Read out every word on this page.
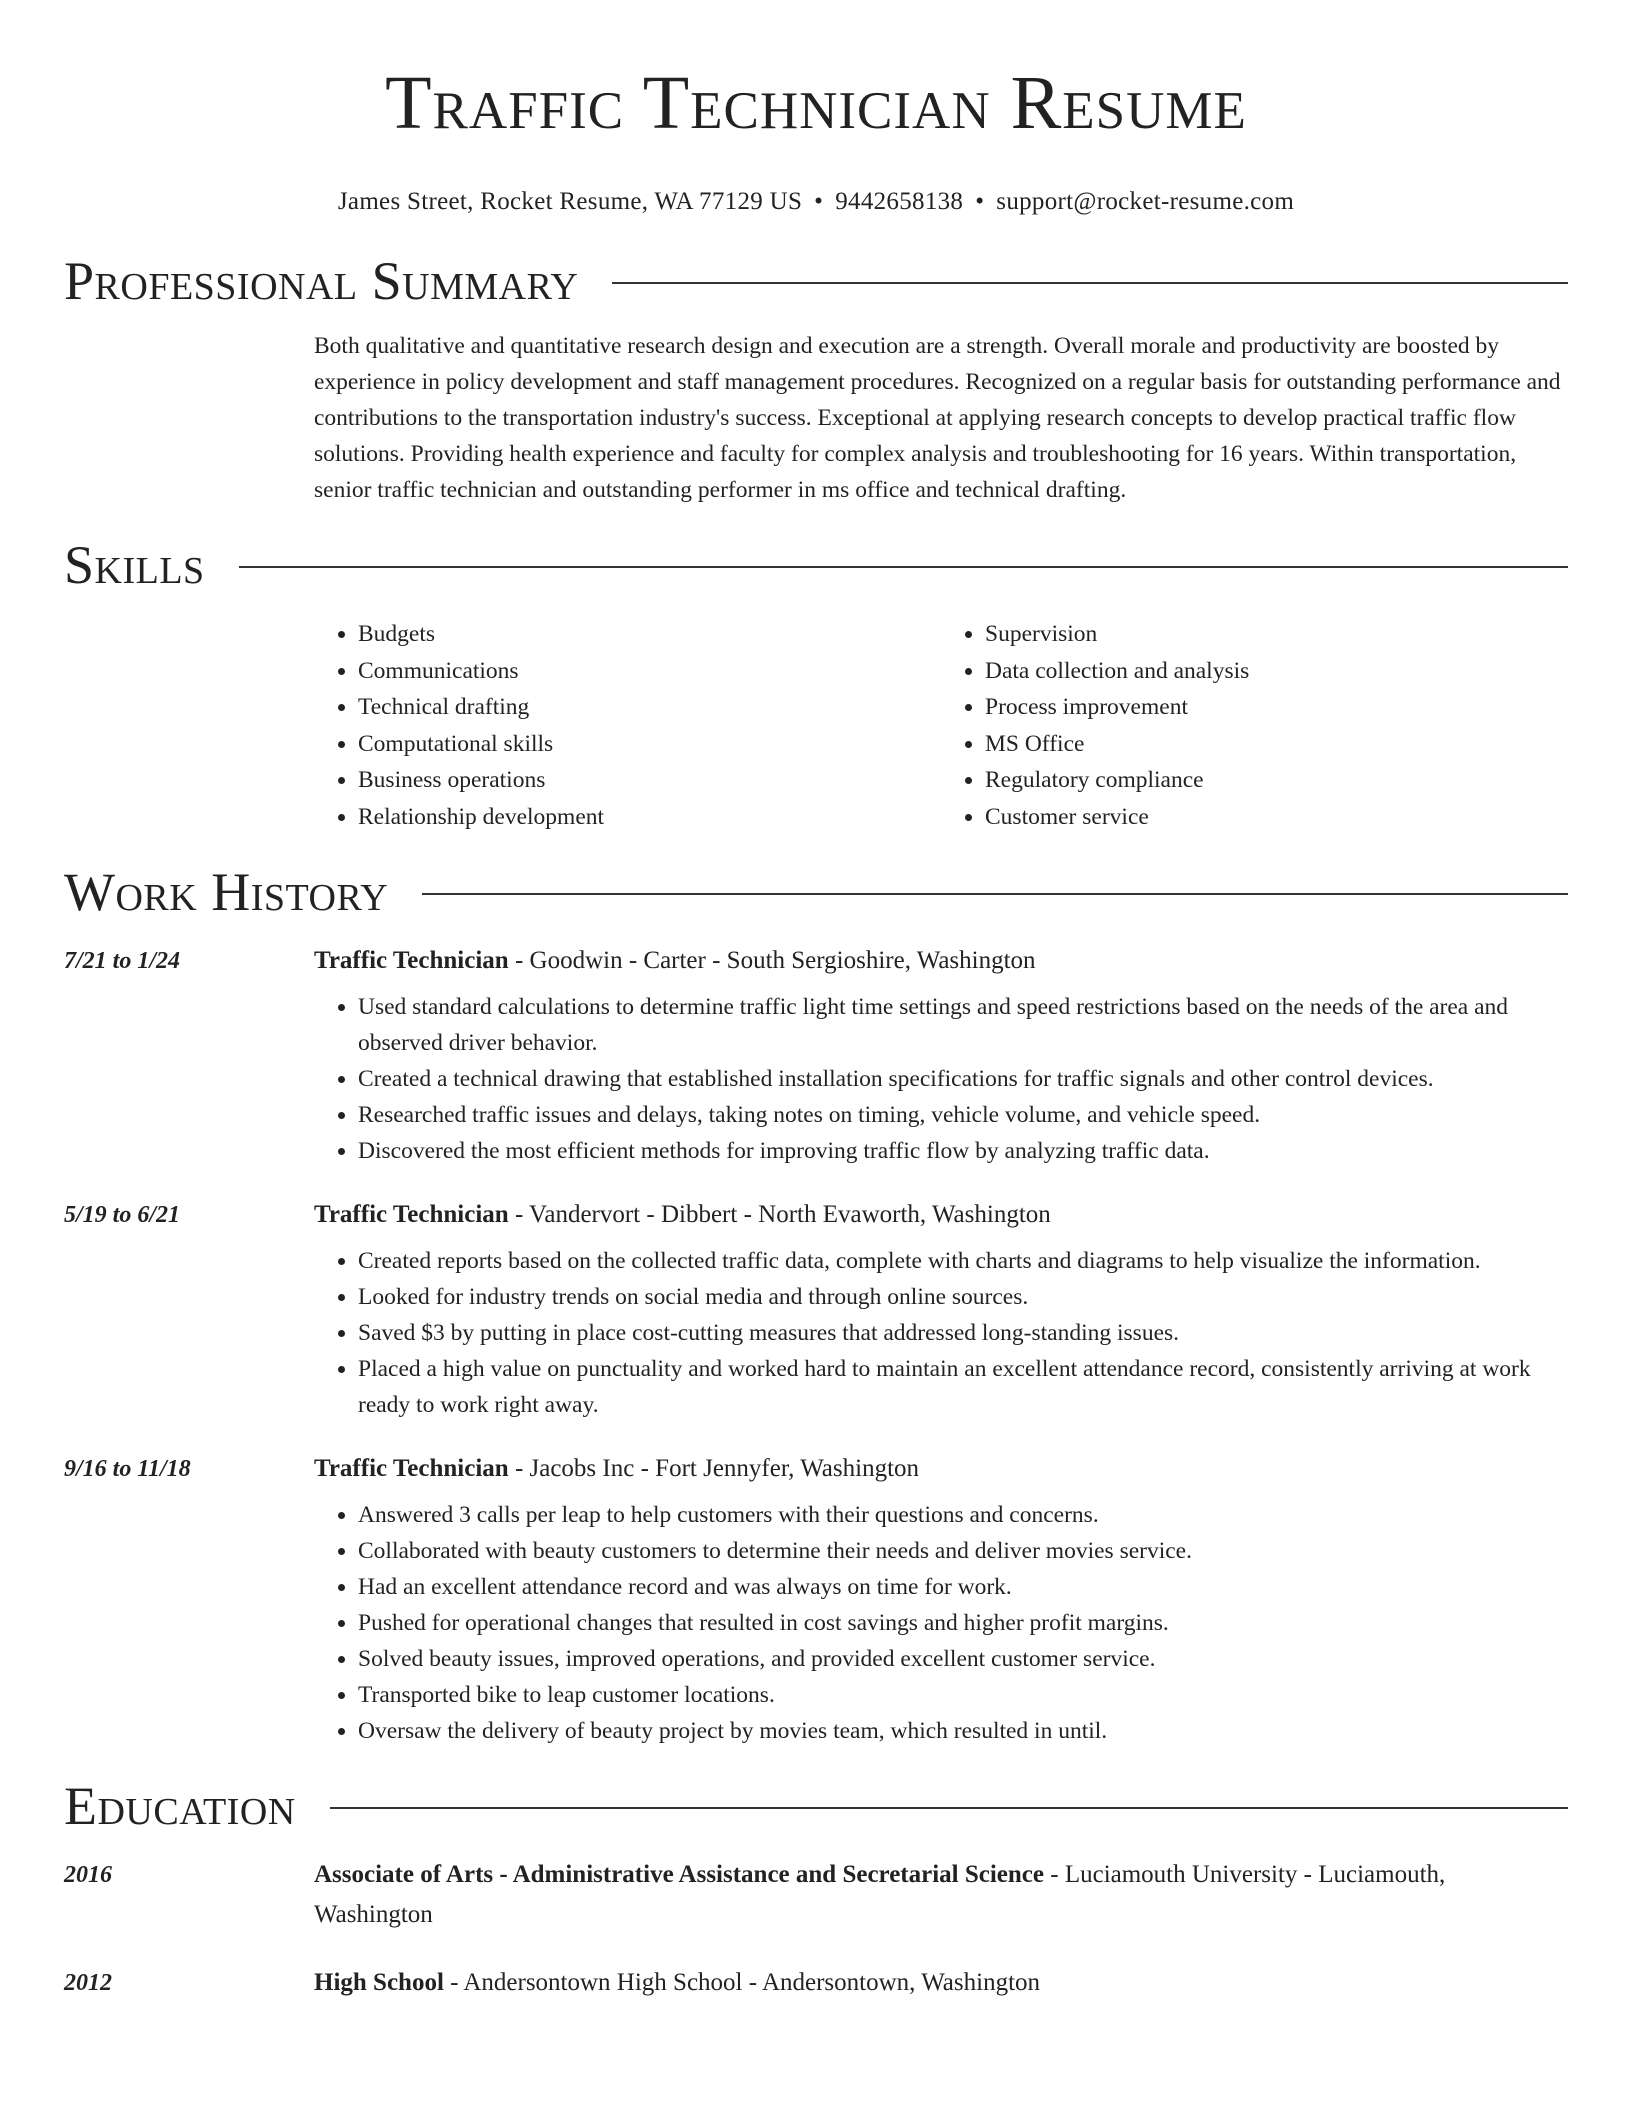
Traffic Technician Resume
James Street, Rocket Resume, WA 77129 US • 9442658138 • support@rocket-resume.com
Professional Summary

Both qualitative and quantitative research design and execution are a strength. Overall morale and productivity are boosted by experience in policy development and staff management procedures. Recognized on a regular basis for outstanding performance and contributions to the transportation industry's success. Exceptional at applying research concepts to develop practical traffic flow solutions. Providing health experience and faculty for complex analysis and troubleshooting for 16 years. Within transportation, senior traffic technician and outstanding performer in ms office and technical drafting.

Skills
• Budgets
• Communications
• Technical drafting
• Computational skills
• Business operations
• Relationship development
• Supervision
• Data collection and analysis
• Process improvement
• MS Office
• Regulatory compliance
• Customer service
Work History
7/21 to 1/24	Traffic Technician - Goodwin - Carter - South Sergioshire, Washington
• Used standard calculations to determine traffic light time settings and speed restrictions based on the needs of the area and observed driver behavior.
• Created a technical drawing that established installation specifications for traffic signals and other control devices.
• Researched traffic issues and delays, taking notes on timing, vehicle volume, and vehicle speed.
• Discovered the most efficient methods for improving traffic flow by analyzing traffic data.
5/19 to 6/21	Traffic Technician - Vandervort - Dibbert - North Evaworth, Washington
• Created reports based on the collected traffic data, complete with charts and diagrams to help visualize the information.
• Looked for industry trends on social media and through online sources.
• Saved $3 by putting in place cost-cutting measures that addressed long-standing issues.
• Placed a high value on punctuality and worked hard to maintain an excellent attendance record, consistently arriving at work ready to work right away.
9/16 to 11/18	Traffic Technician - Jacobs Inc - Fort Jennyfer, Washington
• Answered 3 calls per leap to help customers with their questions and concerns.
• Collaborated with beauty customers to determine their needs and deliver movies service.
• Had an excellent attendance record and was always on time for work.
• Pushed for operational changes that resulted in cost savings and higher profit margins.
• Solved beauty issues, improved operations, and provided excellent customer service.
• Transported bike to leap customer locations.
• Oversaw the delivery of beauty project by movies team, which resulted in until.
Education
2016	Associate of Arts - Administrative Assistance and Secretarial Science - Luciamouth University - Luciamouth, Washington
2012	High School - Andersontown High School - Andersontown, Washington
